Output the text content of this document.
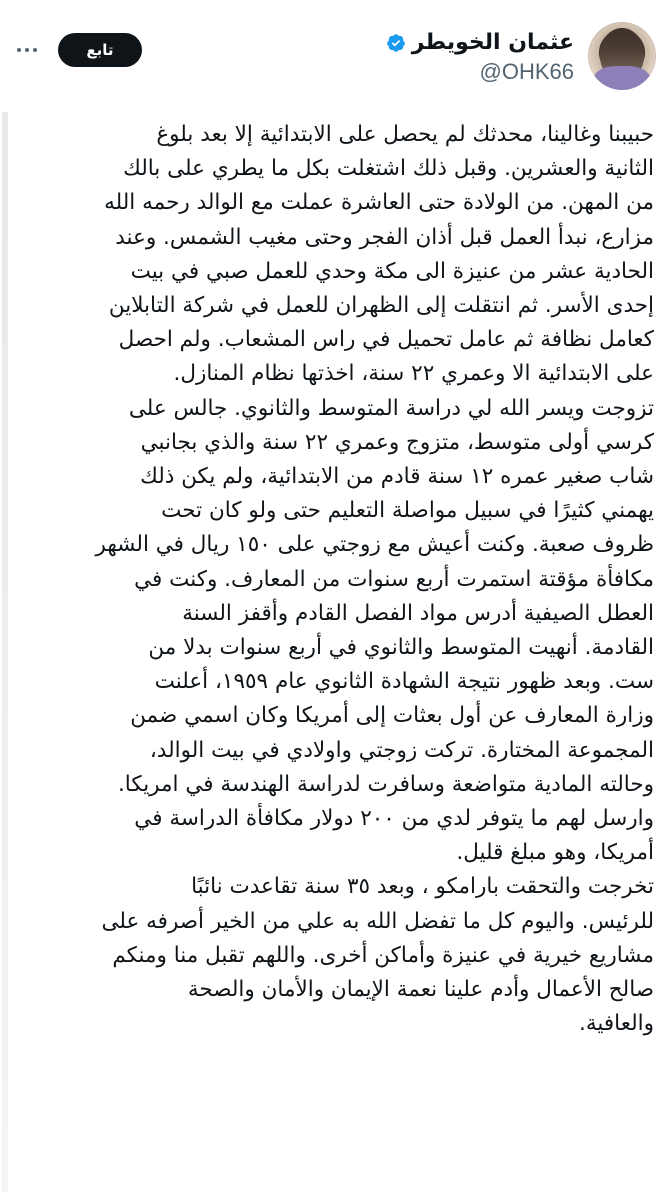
عثمان الخويطر
@OHK66
تابع

حبيبنا وغالينا، محدثك لم يحصل على الابتدائية إلا بعد بلوغ
الثانية والعشرين. وقبل ذلك اشتغلت بكل ما يطري على بالك
من المهن. من الولادة حتى العاشرة عملت مع الوالد رحمه الله
مزارع، نبدأ العمل قبل أذان الفجر وحتى مغيب الشمس. وعند
الحادية عشر من عنيزة الى مكة وحدي للعمل صبي في بيت
إحدى الأسر. ثم انتقلت إلى الظهران للعمل في شركة التابلاين
كعامل نظافة ثم عامل تحميل في راس المشعاب. ولم احصل
على الابتدائية الا وعمري ٢٢ سنة، اخذتها نظام المنازل.

تزوجت ويسر الله لي دراسة المتوسط والثانوي. جالس على
كرسي أولى متوسط، متزوج وعمري ٢٢ سنة والذي بجانبي
شاب صغير عمره ١٢ سنة قادم من الابتدائية، ولم يكن ذلك
يهمني كثيرًا في سبيل مواصلة التعليم حتى ولو كان تحت
ظروف صعبة. وكنت أعيش مع زوجتي على ١٥٠ ريال في الشهر
مكافأة مؤقتة استمرت أربع سنوات من المعارف. وكنت في
العطل الصيفية أدرس مواد الفصل القادم وأقفز السنة
القادمة. أنهيت المتوسط والثانوي في أربع سنوات بدلا من
ست. وبعد ظهور نتيجة الشهادة الثانوي عام ١٩٥٩، أعلنت
وزارة المعارف عن أول بعثات إلى أمريكا وكان اسمي ضمن
المجموعة المختارة. تركت زوجتي واولادي في بيت الوالد،
وحالته المادية متواضعة وسافرت لدراسة الهندسة في امريكا.
وارسل لهم ما يتوفر لدي من ٢٠٠ دولار مكافأة الدراسة في
أمريكا، وهو مبلغ قليل.

تخرجت والتحقت بارامكو ، وبعد ٣٥ سنة تقاعدت نائبًا
للرئيس. واليوم كل ما تفضل الله به علي من الخير أصرفه على
مشاريع خيرية في عنيزة وأماكن أخرى. واللهم تقبل منا ومنكم
صالح الأعمال وأدم علينا نعمة الإيمان والأمان والصحة
والعافية.
